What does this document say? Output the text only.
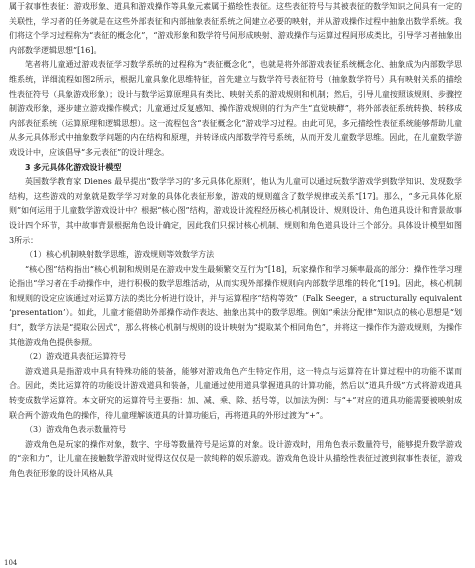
属于叙事性表征：游戏形象、道具和游戏操作等具象元素属于描绘性表征。这些表征符号与其被表征的数学知识之间具有一定的关联性，学习者的任务就是在这些外部表征和内部抽象表征系统之间建立必要的映射，并从游戏操作过程中抽象出数学系统。我们将这个学习过程称为“表征的概念化”，“游戏形象和数学符号间形成映射、游戏操作与运算过程间形成类比，引导学习者抽象出内部数学逻辑思想”[16]。

笔者将儿童通过游戏表征学习数学系统的过程称为“表征概念化”，也就是将外部游戏表征系统概念化、抽象成为内部数学思维系统，详细流程如图2所示，根据儿童具象化思维特征，首先建立与数学符号表征符号（抽象数学符号）具有映射关系的描绘性表征符号（具象游戏形象）；设计与数学运算原理具有类比、映射关系的游戏规则和机制；然后，引导儿童按照该规则、步骤控制游戏形象，逐步建立游戏操作模式；儿童通过反复感知、操作游戏规则的行为产生“直觉映酵”，将外部表征系统转换、转移成内部表征系统（运算原理和逻辑思想）。这一流程包含“表征概念化”游戏学习过程。由此可见，多元描绘性表征系统能够帮助儿童从多元具体形式中抽象数学问题的内在结构和原理，并转译成内部数学符号系统，从而开发儿童数学思维。因此，在儿童数学游戏设计中，应该倡导“多元表征”的设计理念。

3 多元具体化游戏设计模型

英国数学教育家 Dienes 最早提出“数学学习的‘多元具体化原则’，他认为儿童可以通过玩数学游戏学到数学知识、发现数学结构，这些游戏的对象就是数学学习对象的具体化表征形象，游戏的规则蕴含了数学规律或关系”[17]。那么，“多元具体化原则”如何运用于儿童数学游戏设计中？根据“核心图”结构，游戏设计流程经历核心机制设计、规则设计、角色道具设计和背景故事设计四个环节，其中故事背景根据角色设计确定，因此我们只探讨核心机制、规则和角色道具设计三个部分。具体设计模型如图3所示：

（1）核心机制映射数学思维，游戏规则等效数学方法

“核心图”结构指出“核心机制和规则是在游戏中发生最频繁交互行为”[18]，玩家操作和学习频率最高的部分：操作性学习理论指出“学习者在手动操作中，进行积极的数学思维活动，从而实现外部操作规则向内部数学思维的转化”[19]。因此，核心机制和规则的设定应该通过对运算方法的类比分析进行设计，并与运算程序“结构等效”（Falk Seeger，a structurally equivalent ‘presentation’）。如此，儿童才能借助外部操作动作表达、抽象出其中的数学思维。例如“乘法分配律”知识点的核心思想是“划归”，数学方法是“提取公因式”，那么将核心机制与规则的设计映射为“提取某个相同角色”，并将这一操作作为游戏规则，为操作其他游戏角色提供参照。

（2）游戏道具表征运算符号

游戏道具是指游戏中具有特殊功能的装备，能够对游戏角色产生特定作用，这一特点与运算符在计算过程中的功能不谋而合。因此，类比运算符的功能设计游戏道具和装备，儿童通过使用道具掌握道具的计算功能，然后以“道具升级”方式将游戏道具转变成数学运算符。本文研究的运算符号主要指：加、减、乘、除、括号等，以加法为例：与“+”对应的道具功能需要被映射成联合两个游戏角色的操作，待儿童理解该道具的计算功能后，再将道具的外形过渡为“+”。

（3）游戏角色表示数量符号

游戏角色是玩家的操作对象，数字、字母等数量符号是运算的对象。设计游戏时，用角色表示数量符号，能够提升数学游戏的“亲和力”，让儿童在接触数学游戏时觉得这仅仅是一款纯粹的娱乐游戏。游戏角色设计从描绘性表征过渡到叙事性表征，游戏角色表征形象的设计风格从具

104
